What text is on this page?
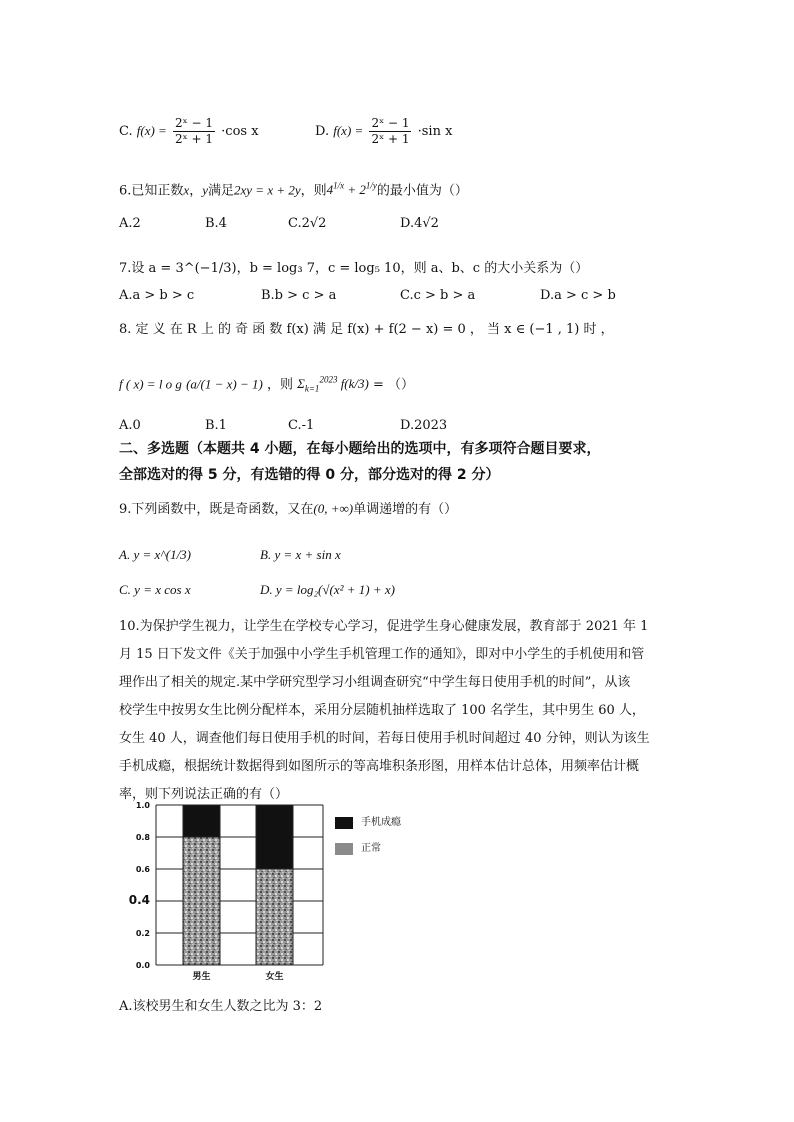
C. $f(x) = \frac{\text{2ˣ − 1}}{\text{2ˣ + 1}} \cdot\cos$ x	D. $f(x) = \frac{\text{2ˣ − 1}}{\text{2ˣ + 1}} \cdot\sin$ x
6.已知正数x，y满足2xy = x + 2y，则$4^{1/x} + 2^{1/y}$的最小值为（）
A.2	B.4	C.2√2	D.4√2
7.设 a = 3^(−1/3)，b = log₃ 7，c = log₅ 10，则 a、b、c 的大小关系为（）
A.a > b > c	B.b > c > a	C.c > b > a	D.a > c > b
8. 定 义 在 R 上 的 奇 函 数 f(x) 满 足 f(x) + f(2 − x) = 0 ， 当 x ∈ (−1 , 1) 时 ，
f ( x) = l o g (a/(1 − x) − 1) ，则 $\Sigma_{k=1}^{2023}$ f(k/3) = （）
A.0	B.1	C.-1	D.2023
二、多选题（本题共 4 小题，在每小题给出的选项中，有多项符合题目要求，
全部选对的得 5 分，有选错的得 0 分，部分选对的得 2 分）
9.下列函数中，既是奇函数，又在(0, +∞)单调递增的有（）
A. y = x^(1/3)	B. y = x + sin x
C. y = x cos x	D. y = log₂(√(x² + 1) + x)
10.为保护学生视力，让学生在学校专心学习，促进学生身心健康发展，教育部于 2021 年 1
月 15 日下发文件《关于加强中小学生手机管理工作的通知》，即对中小学生的手机使用和管
理作出了相关的规定.某中学研究型学习小组调查研究“中学生每日使用手机的时间”，从该
校学生中按男女生比例分配样本，采用分层随机抽样选取了 100 名学生，其中男生 60 人，
女生 40 人，调查他们每日使用手机的时间，若每日使用手机时间超过 40 分钟，则认为该生
手机成瘾，根据统计数据得到如图所示的等高堆积条形图，用样本估计总体，用频率估计概
率，则下列说法正确的有（）
0.0
0.2
0.4
0.6
0.8
1.0
男生	女生
手机成瘾
正常
A.该校男生和女生人数之比为 3：2
